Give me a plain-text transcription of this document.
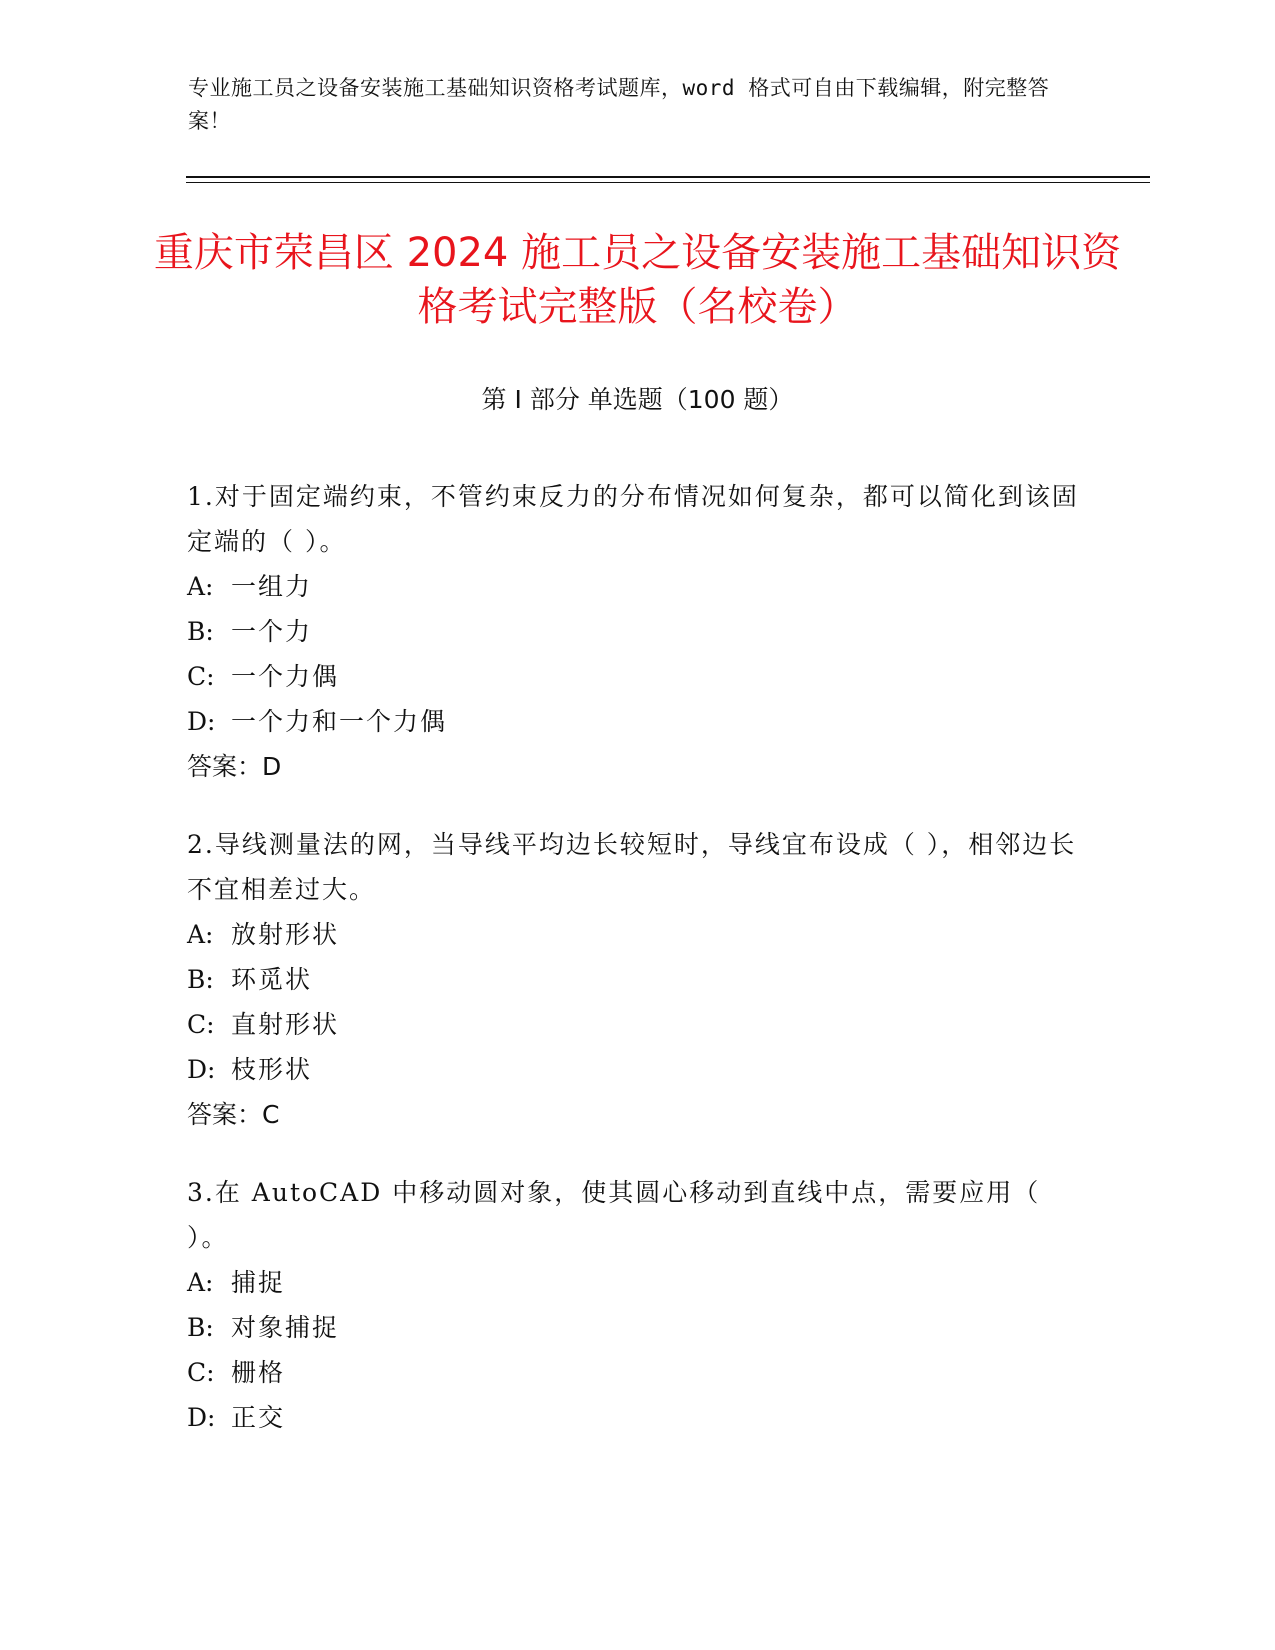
专业施工员之设备安装施工基础知识资格考试题库，word 格式可自由下载编辑，附完整答案！
重庆市荣昌区 2024 施工员之设备安装施工基础知识资格考试完整版（名校卷）
第 I 部分 单选题（100 题）
1.对于固定端约束，不管约束反力的分布情况如何复杂，都可以简化到该固定端的（ ）。
A: 一组力
B: 一个力
C: 一个力偶
D: 一个力和一个力偶
答案：D
2.导线测量法的网，当导线平均边长较短时，导线宜布设成（ ），相邻边长不宜相差过大。
A: 放射形状
B: 环觅状
C: 直射形状
D: 枝形状
答案：C
3.在 AutoCAD 中移动圆对象，使其圆心移动到直线中点，需要应用（ ）。
A: 捕捉
B: 对象捕捉
C: 栅格
D: 正交
